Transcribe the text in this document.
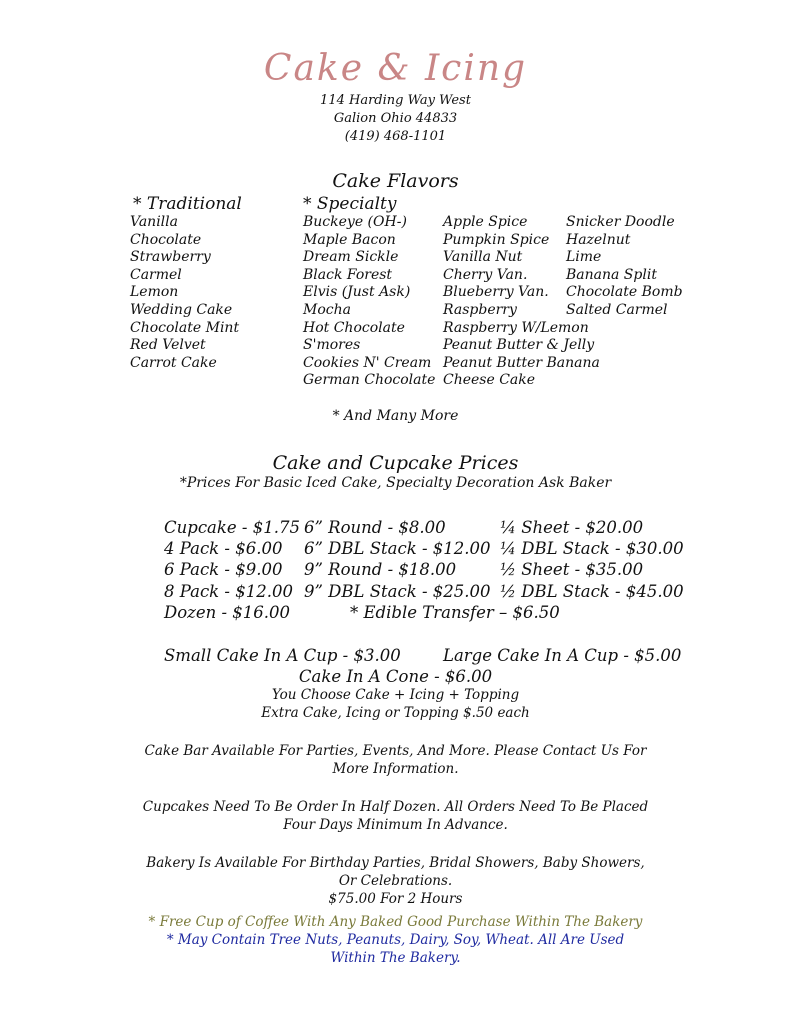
Cake & Icing
114 Harding Way West
Galion Ohio 44833
(419) 468-1101
Cake Flavors
* Traditional	* Specialty
Vanilla
Chocolate
Strawberry
Carmel
Lemon
Wedding Cake
Chocolate Mint
Red Velvet
Carrot Cake
Buckeye (OH-)
Maple Bacon
Dream Sickle
Black Forest
Elvis (Just Ask)
Mocha
Hot Chocolate
S'mores
Cookies N' Cream
German Chocolate
Apple Spice
Pumpkin Spice
Vanilla Nut
Cherry Van.
Blueberry Van.
Raspberry
Raspberry W/Lemon
Peanut Butter & Jelly
Peanut Butter Banana
Cheese Cake
Snicker Doodle
Hazelnut
Lime
Banana Split
Chocolate Bomb
Salted Carmel
* And Many More
Cake and Cupcake Prices
*Prices For Basic Iced Cake, Specialty Decoration Ask Baker
Cupcake - $1.75
4 Pack - $6.00
6 Pack - $9.00
8 Pack - $12.00
Dozen - $16.00
6” Round - $8.00
6” DBL Stack - $12.00
9” Round - $18.00
9” DBL Stack - $25.00
¼ Sheet - $20.00
¼ DBL Stack - $30.00
½ Sheet - $35.00
½ DBL Stack - $45.00
* Edible Transfer – $6.50
Small Cake In A Cup - $3.00	Large Cake In A Cup - $5.00
Cake In A Cone - $6.00
You Choose Cake + Icing + Topping
Extra Cake, Icing or Topping $.50 each
Cake Bar Available For Parties, Events, And More. Please Contact Us For
More Information.
Cupcakes Need To Be Order In Half Dozen. All Orders Need To Be Placed
Four Days Minimum In Advance.
Bakery Is Available For Birthday Parties, Bridal Showers, Baby Showers,
Or Celebrations.
$75.00 For 2 Hours
* Free Cup of Coffee With Any Baked Good Purchase Within The Bakery
* May Contain Tree Nuts, Peanuts, Dairy, Soy, Wheat. All Are Used
Within The Bakery.
